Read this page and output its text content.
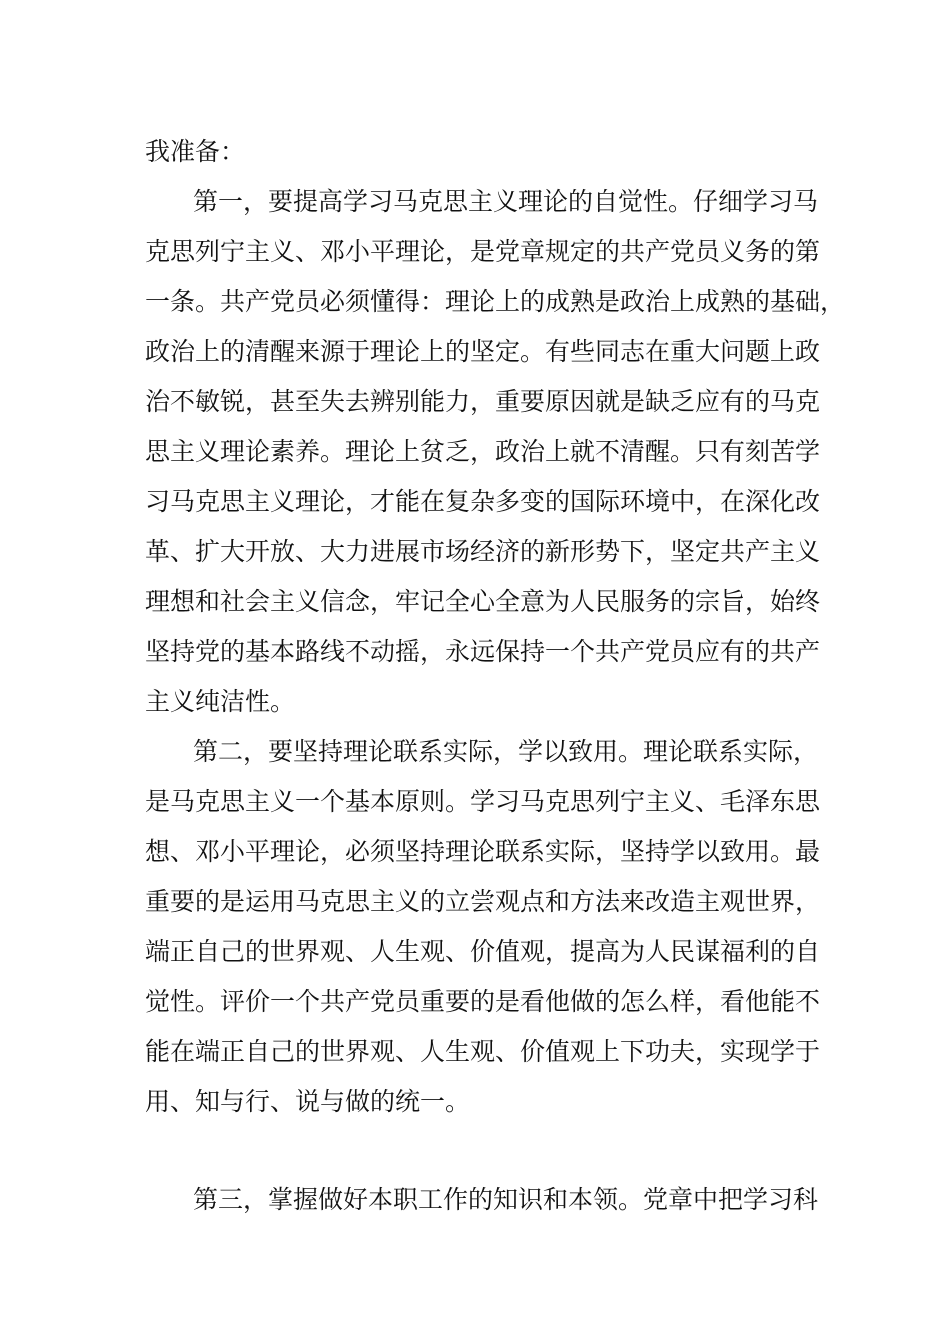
我准备：
第一，要提高学习马克思主义理论的自觉性。仔细学习马
克思列宁主义、邓小平理论，是党章规定的共产党员义务的第
一条。共产党员必须懂得：理论上的成熟是政治上成熟的基础，
政治上的清醒来源于理论上的坚定。有些同志在重大问题上政
治不敏锐，甚至失去辨别能力，重要原因就是缺乏应有的马克
思主义理论素养。理论上贫乏，政治上就不清醒。只有刻苦学
习马克思主义理论，才能在复杂多变的国际环境中，在深化改
革、扩大开放、大力进展市场经济的新形势下，坚定共产主义
理想和社会主义信念，牢记全心全意为人民服务的宗旨，始终
坚持党的基本路线不动摇，永远保持一个共产党员应有的共产
主义纯洁性。
第二，要坚持理论联系实际，学以致用。理论联系实际，
是马克思主义一个基本原则。学习马克思列宁主义、毛泽东思
想、邓小平理论，必须坚持理论联系实际，坚持学以致用。最
重要的是运用马克思主义的立尝观点和方法来改造主观世界，
端正自己的世界观、人生观、价值观，提高为人民谋福利的自
觉性。评价一个共产党员重要的是看他做的怎么样，看他能不
能在端正自己的世界观、人生观、价值观上下功夫，实现学于
用、知与行、说与做的统一。
第三，掌握做好本职工作的知识和本领。党章中把学习科
